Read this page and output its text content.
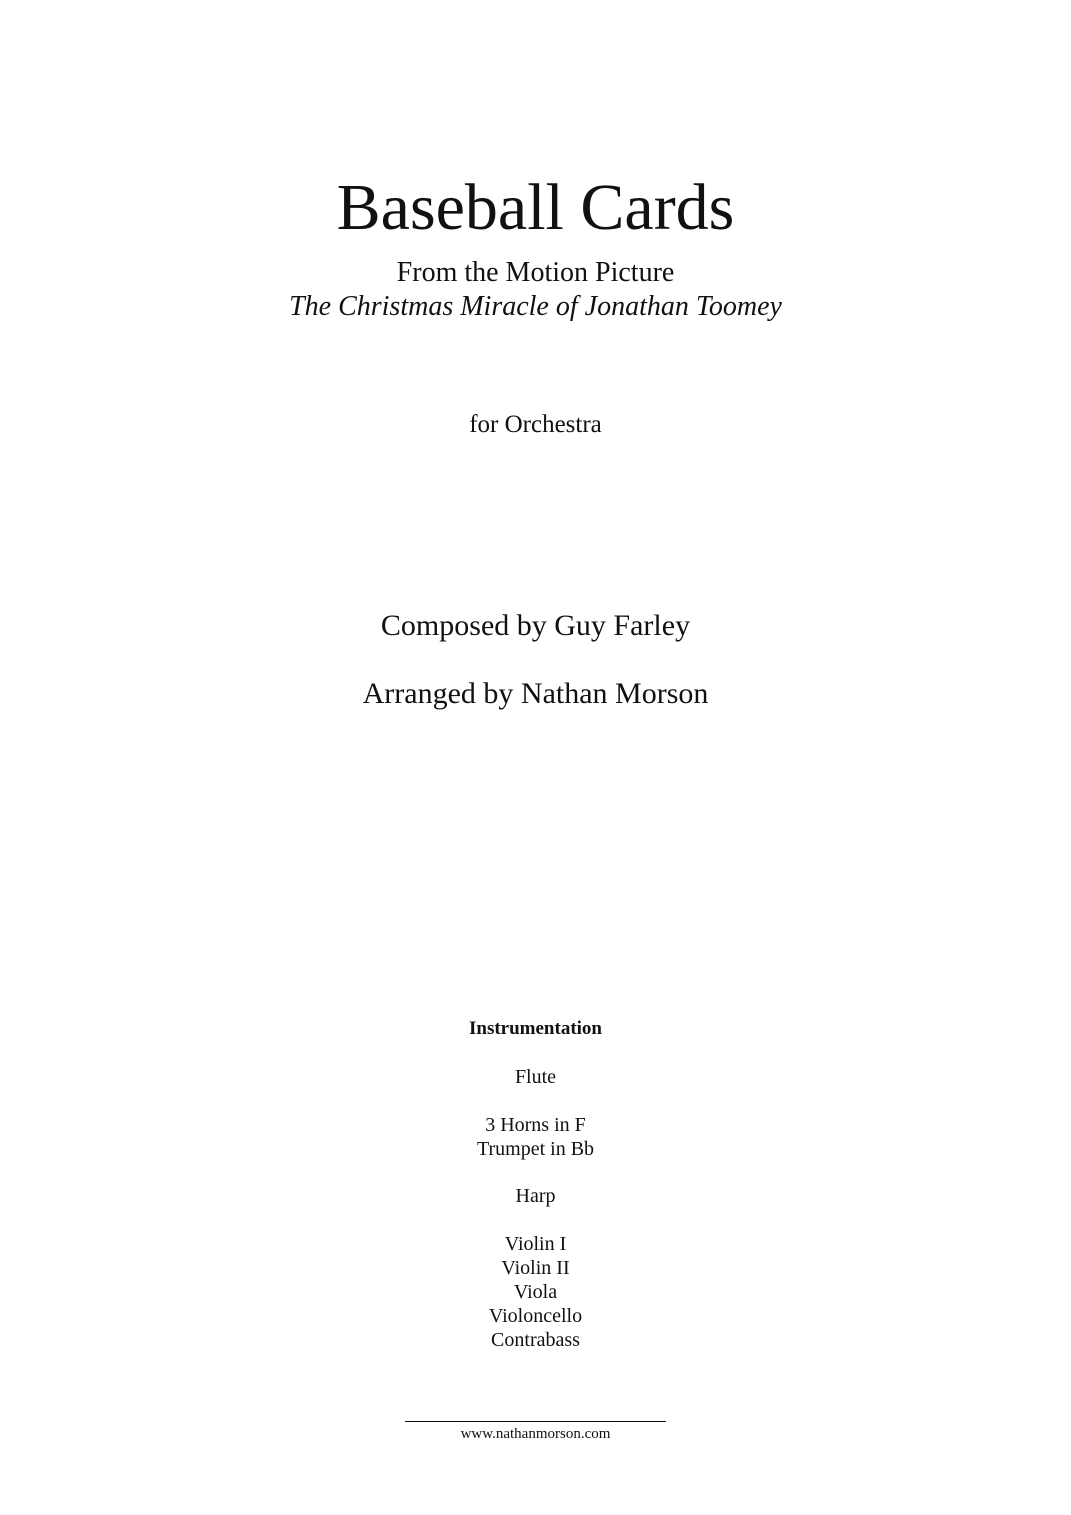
Baseball Cards
From the Motion Picture
The Christmas Miracle of Jonathan Toomey
for Orchestra
Composed by Guy Farley
Arranged by Nathan Morson
Instrumentation
Flute
3 Horns in F
Trumpet in Bb
Harp
Violin I
Violin II
Viola
Violoncello
Contrabass
www.nathanmorson.com
